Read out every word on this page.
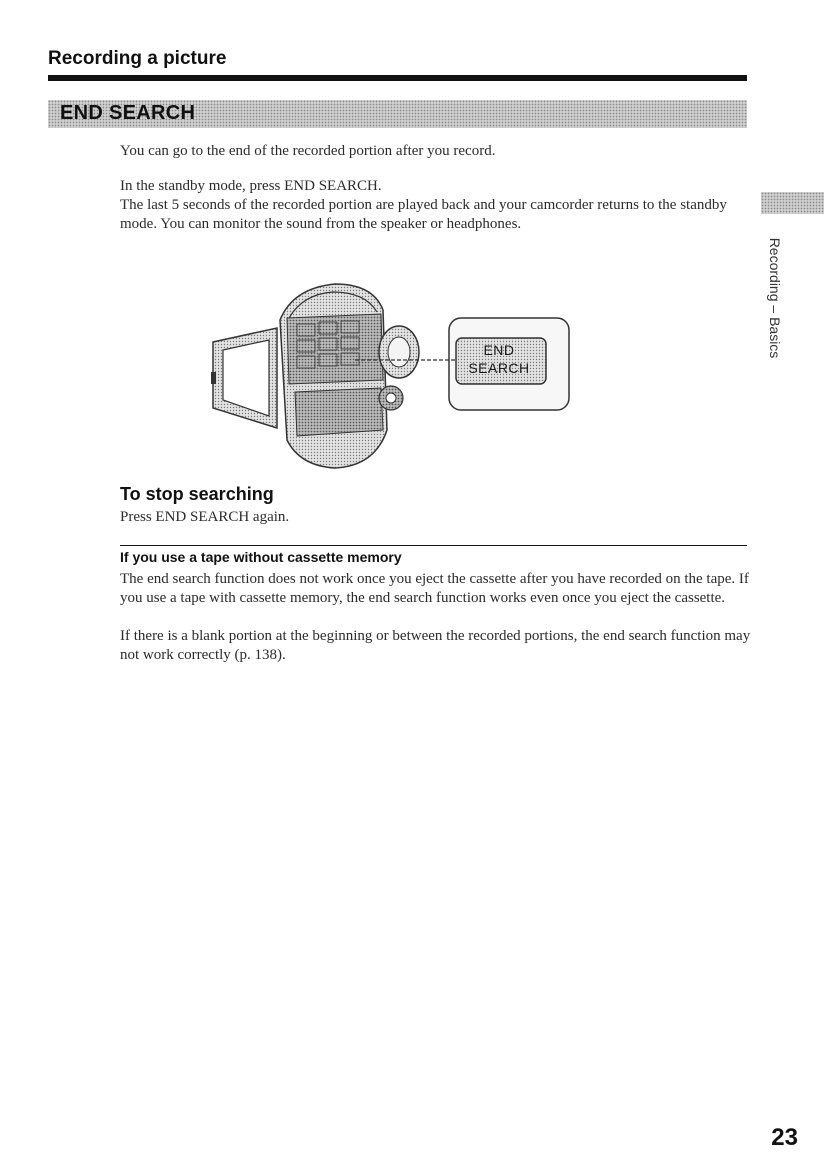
Recording a picture
END SEARCH

You can go to the end of the recorded portion after you record.

In the standby mode, press END SEARCH.
The last 5 seconds of the recorded portion are played back and your camcorder returns to the standby mode. You can monitor the sound from the speaker or headphones.

Recording – Basics
END
SEARCH
To stop searching

Press END SEARCH again.

If you use a tape without cassette memory

The end search function does not work once you eject the cassette after you have recorded on the tape. If you use a tape with cassette memory, the end search function works even once you eject the cassette.

If there is a blank portion at the beginning or between the recorded portions, the end search function may not work correctly (p. 138).

23
